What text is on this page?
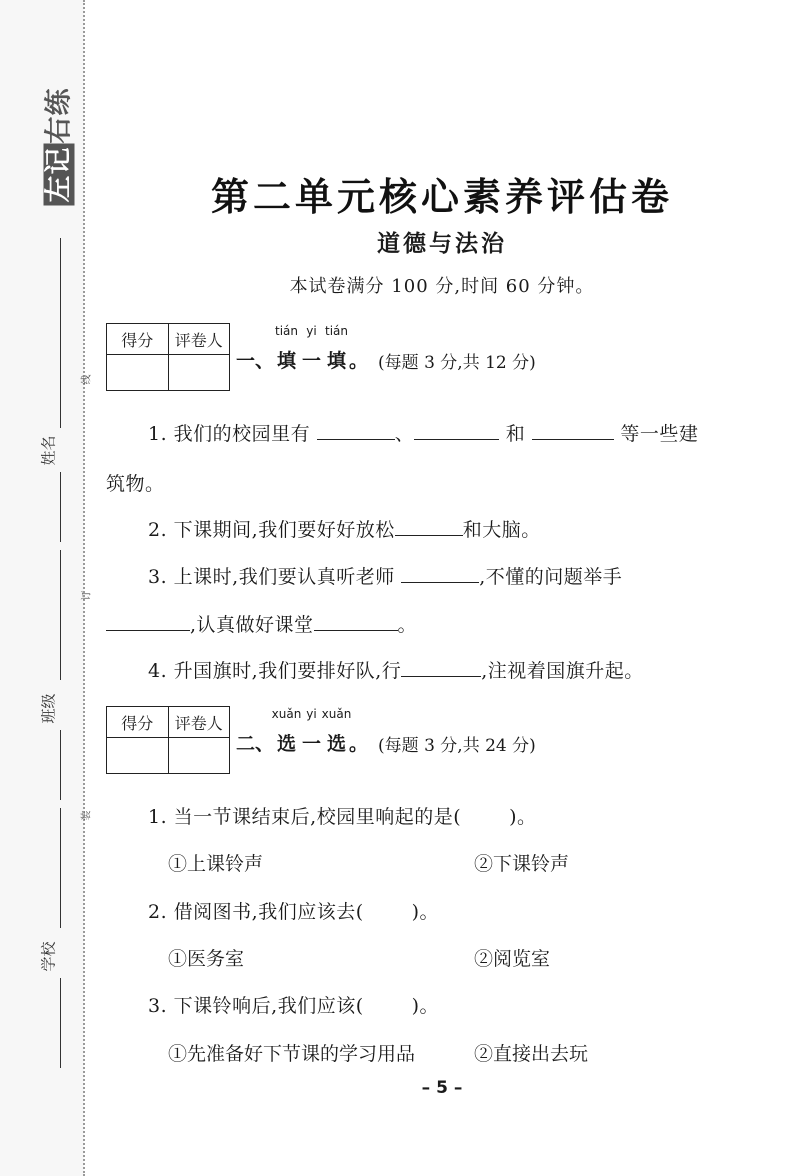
左记右练
姓名
班级
学校
线
订
装
第二单元核心素养评估卷
道德与法治
本试卷满分 100 分,时间 60 分钟。
得分	评卷人

一、
tián
填
yi
一
tián
填 。 (每题 3 分,共 12 分)
1. 我们的校园里有	、	和	等一些建
筑物。
2. 下课期间,我们要好好放松	和大脑。
3. 上课时,我们要认真听老师	,不懂的问题举手
,认真做好课堂	。
4. 升国旗时,我们要排好队,行	,注视着国旗升起。
得分	评卷人

二、
xuǎn
选
yi
一
xuǎn
选 。 (每题 3 分,共 24 分)
1. 当一节课结束后,校园里响起的是(	)。
①上课铃声	②下课铃声
2. 借阅图书,我们应该去(	)。
①医务室	②阅览室
3. 下课铃响后,我们应该(	)。
①先准备好下节课的学习用品	②直接出去玩
– 5 –
